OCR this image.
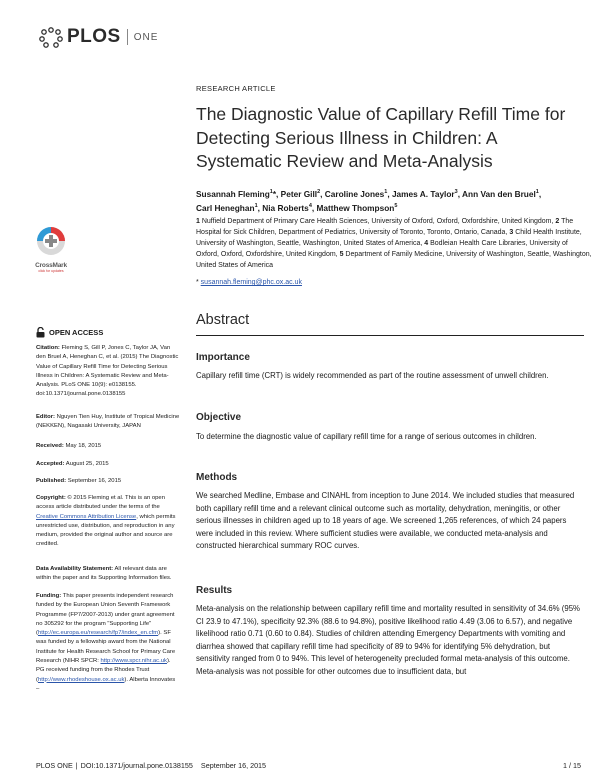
PLOS ONE
RESEARCH ARTICLE
The Diagnostic Value of Capillary Refill Time for Detecting Serious Illness in Children: A Systematic Review and Meta-Analysis
Susannah Fleming$^1$*, Peter Gill$^2$, Caroline Jones$^1$, James A. Taylor$^3$, Ann Van den Bruel$^1$,
Carl Heneghan$^1$, Nia Roberts$^4$, Matthew Thompson$^5$
1 Nuffield Department of Primary Care Health Sciences, University of Oxford, Oxford, Oxfordshire, United Kingdom, 2 The Hospital for Sick Children, Department of Pediatrics, University of Toronto, Toronto, Ontario, Canada, 3 Child Health Institute, University of Washington, Seattle, Washington, United States of America, 4 Bodleian Health Care Libraries, University of Oxford, Oxford, Oxfordshire, United Kingdom, 5 Department of Family Medicine, University of Washington, Seattle, Washington, United States of America
* susannah.fleming@phc.ox.ac.uk
CrossMark
click for updates
OPEN ACCESS
Citation: Fleming S, Gill P, Jones C, Taylor JA, Van den Bruel A, Heneghan C, et al. (2015) The Diagnostic Value of Capillary Refill Time for Detecting Serious Illness in Children: A Systematic Review and Meta-Analysis. PLoS ONE 10(9): e0138155. doi:10.1371/journal.pone.0138155
Editor: Nguyen Tien Huy, Institute of Tropical Medicine (NEKKEN), Nagasaki University, JAPAN
Received: May 18, 2015
Accepted: August 25, 2015
Published: September 16, 2015
Copyright: © 2015 Fleming et al. This is an open access article distributed under the terms of the Creative Commons Attribution License, which permits unrestricted use, distribution, and reproduction in any medium, provided the original author and source are credited.
Data Availability Statement: All relevant data are within the paper and its Supporting Information files.
Funding: This paper presents independent research funded by the European Union Seventh Framework Programme (FP7/2007-2013) under grant agreement no 305292 for the program "Supporting Life" (http://ec.europa.eu/research/fp7/index_en.cfm). SF was funded by a fellowship award from the National Institute for Health Research School for Primary Care Research (NIHR SPCR: http://www.spcr.nihr.ac.uk). PG received funding from the Rhodes Trust (http://www.rhodeshouse.ox.ac.uk). Alberta Innovates –
Abstract
Importance
Capillary refill time (CRT) is widely recommended as part of the routine assessment of unwell children.
Objective
To determine the diagnostic value of capillary refill time for a range of serious outcomes in children.
Methods
We searched Medline, Embase and CINAHL from inception to June 2014. We included studies that measured both capillary refill time and a relevant clinical outcome such as mortality, dehydration, meningitis, or other serious illnesses in children aged up to 18 years of age. We screened 1,265 references, of which 24 papers were included in this review. Where sufficient studies were available, we conducted meta-analysis and constructed hierarchical summary ROC curves.
Results
Meta-analysis on the relationship between capillary refill time and mortality resulted in sensitivity of 34.6% (95% CI 23.9 to 47.1%), specificity 92.3% (88.6 to 94.8%), positive likelihood ratio 4.49 (3.06 to 6.57), and negative likelihood ratio 0.71 (0.60 to 0.84). Studies of children attending Emergency Departments with vomiting and diarrhea showed that capillary refill time had specificity of 89 to 94% for identifying 5% dehydration, but sensitivity ranged from 0 to 94%. This level of heterogeneity precluded formal meta-analysis of this outcome. Meta-analysis was not possible for other outcomes due to insufficient data, but
PLOS ONE | DOI:10.1371/journal.pone.0138155 September 16, 2015	1 / 15
